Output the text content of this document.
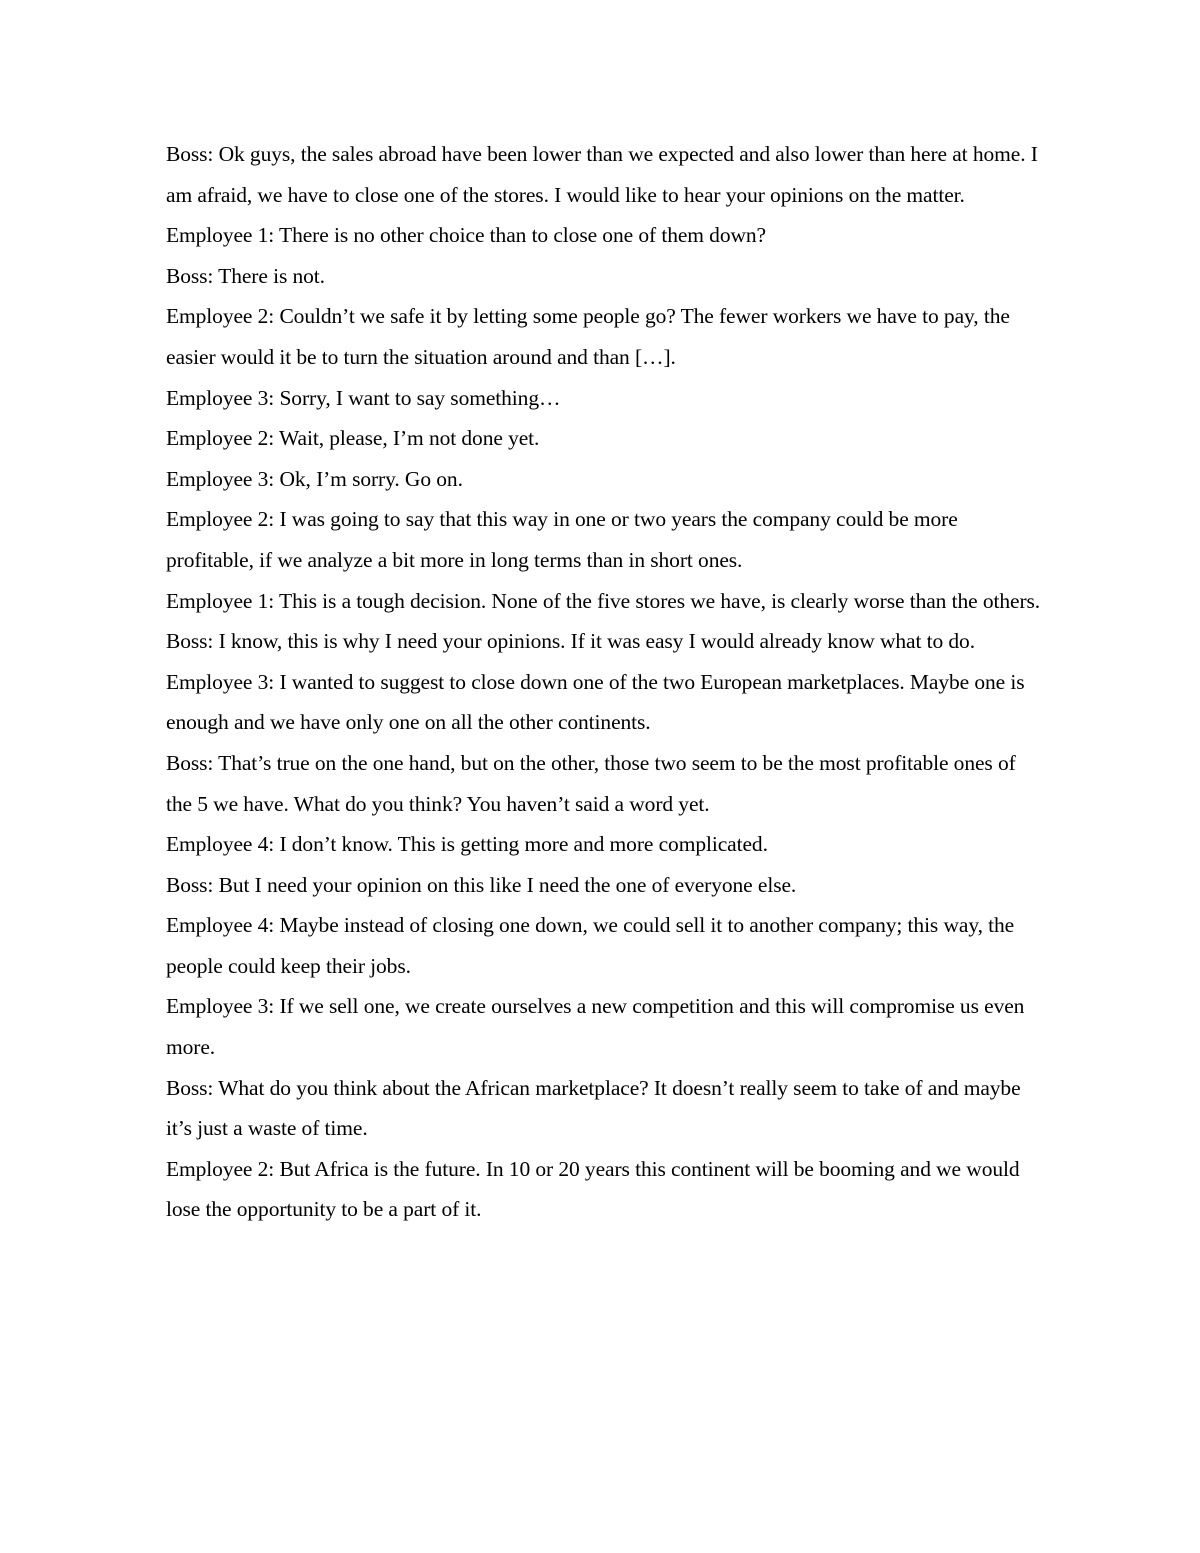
Boss: Ok guys, the sales abroad have been lower than we expected and also lower than here at home. I am afraid, we have to close one of the stores. I would like to hear your opinions on the matter.

Employee 1: There is no other choice than to close one of them down?

Boss: There is not.

Employee 2: Couldn’t we safe it by letting some people go? The fewer workers we have to pay, the easier would it be to turn the situation around and than […].

Employee 3: Sorry, I want to say something…

Employee 2: Wait, please, I’m not done yet.

Employee 3: Ok, I’m sorry. Go on.

Employee 2: I was going to say that this way in one or two years the company could be more profitable, if we analyze a bit more in long terms than in short ones.

Employee 1: This is a tough decision. None of the five stores we have, is clearly worse than the others.

Boss: I know, this is why I need your opinions. If it was easy I would already know what to do.

Employee 3: I wanted to suggest to close down one of the two European marketplaces. Maybe one is enough and we have only one on all the other continents.

Boss: That’s true on the one hand, but on the other, those two seem to be the most profitable ones of the 5 we have. What do you think? You haven’t said a word yet.

Employee 4: I don’t know. This is getting more and more complicated.

Boss: But I need your opinion on this like I need the one of everyone else.

Employee 4: Maybe instead of closing one down, we could sell it to another company; this way, the people could keep their jobs.

Employee 3: If we sell one, we create ourselves a new competition and this will compromise us even more.

Boss: What do you think about the African marketplace? It doesn’t really seem to take of and maybe it’s just a waste of time.

Employee 2: But Africa is the future. In 10 or 20 years this continent will be booming and we would lose the opportunity to be a part of it.
